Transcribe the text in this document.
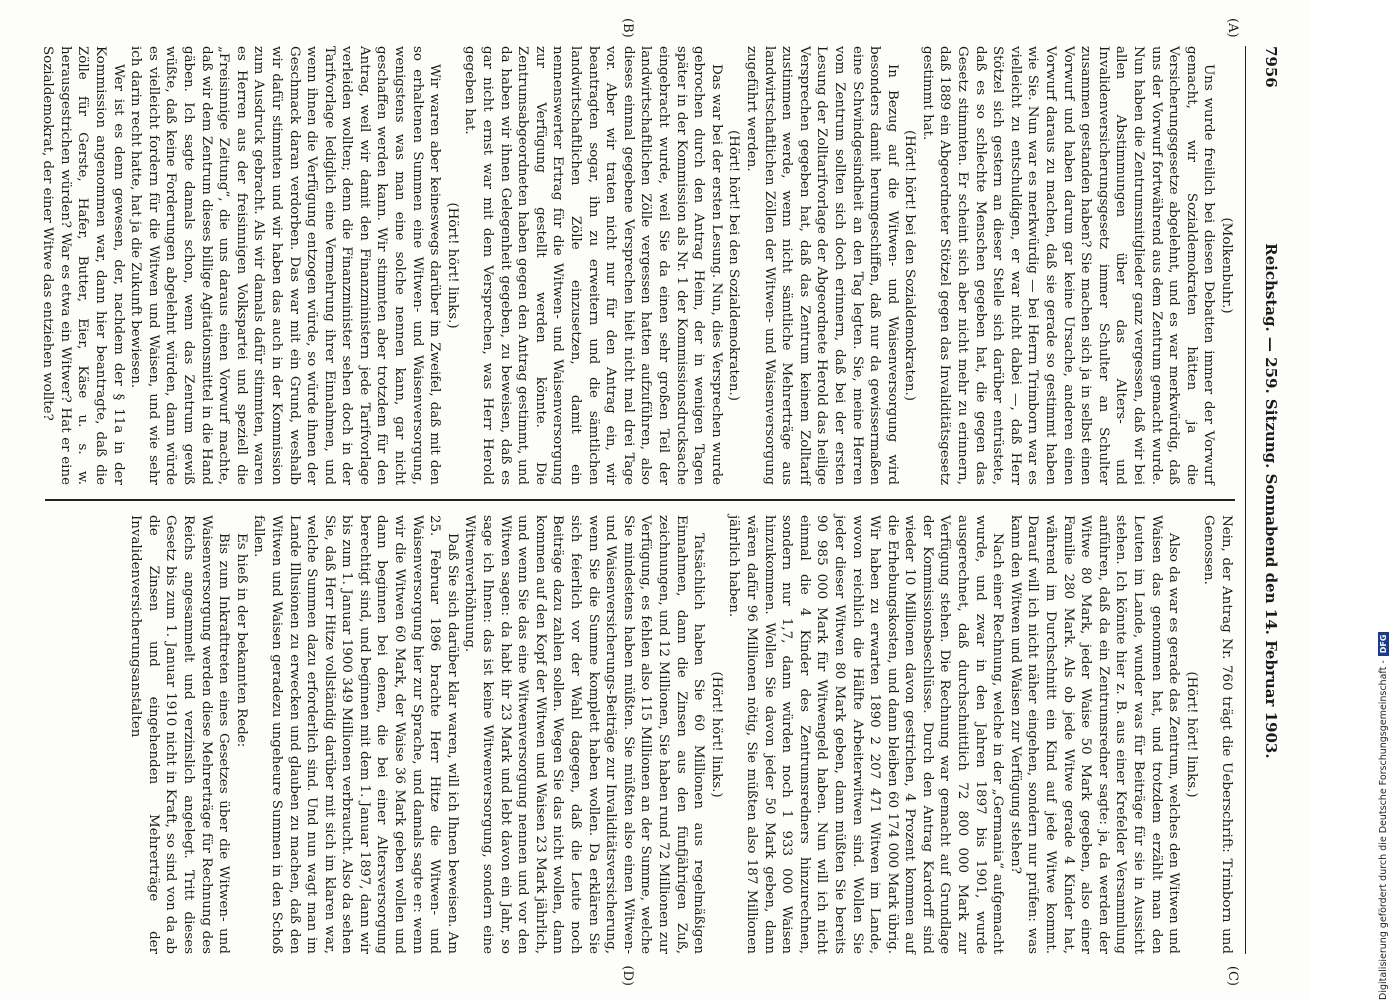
7956
Reichstag. — 259. Sitzung. Sonnabend den 14. Februar 1903.
(A)
(B)
(C)
(D)

(Molkenbuhr.)

Uns wurde freilich bei diesen Debatten immer der Vorwurf gemacht, wir Sozialdemokraten hätten ja die Versicherungsgesetze abgelehnt, und es war merkwürdig, daß uns der Vorwurf fortwährend aus dem Zentrum gemacht wurde. Nun haben die Zentrumsmitglieder ganz vergessen, daß wir bei allen Abstimmungen über das Alters- und Invalidenversicherungsgesetz immer Schulter an Schulter zusammen gestanden haben? Sie machen sich ja in selbst einen Vorwurf und haben darum gar keine Ursache, anderen einen Vorwurf daraus zu machen, daß sie gerade so gestimmt haben wie Sie. Nun war es merkwürdig — bei Herrn Trimborn war es vielleicht zu entschuldigen, er war nicht dabei —, daß Herr Stötzel sich gestern an dieser Stelle sich darüber entrüstete, daß es so schlechte Menschen gegeben hat, die gegen das Gesetz stimmten. Er scheint sich aber nicht mehr zu erinnern, daß 1889 ein Abgeordneter Stötzel gegen das Invaliditätsgesetz gestimmt hat.

(Hört! hört! bei den Sozialdemokraten.)

In Bezug auf die Witwen- und Waisenversorgung wird besonders damit herumgeschiffen, daß nur da gewissermaßen eine Schwindgesindheit an den Tag legten. Sie, meine Herren vom Zentrum sollten sich doch erinnern, daß bei der ersten Lesung der Zolltarifvorlage der Abgeordnete Herold das heilige Versprechen gegeben hat, daß das Zentrum keinem Zolltarif zustimmen werde, wenn nicht sämtliche Mehrerträge aus landwirtschaftlichen Zöllen der Witwen- und Waisenversorgung zugeführt werden.

(Hört! hört! bei den Sozialdemokraten.)

Das war bei der ersten Lesung. Nun, dies Versprechen wurde gebrochen durch den Antrag Heim, der in wenigen Tagen später in der Kommission als Nr. 1 der Kommissionsdrucksache eingebracht wurde, weil Sie da einen sehr großen Teil der landwirtschaftlichen Zölle vergessen hatten aufzuführen, also dieses einmal gegebene Versprechen hielt nicht mal drei Tage vor. Aber wir traten nicht nur für den Antrag ein, wir beantragten sogar, ihn zu erweitern und die sämtlichen landwirtschaftlichen Zölle einzusetzen, damit ein nennenswerter Ertrag für die Witwen- und Waisenversorgung zur Verfügung gestellt werden könnte. Die Zentrumsabgeordneten haben gegen den Antrag gestimmt, und da haben wir ihnen Gelegenheit gegeben, zu beweisen, daß es gar nicht ernst war mit dem Versprechen, was Herr Herold gegeben hat.

(Hört! hört! links.)

Wir waren aber keineswegs darüber im Zweifel, daß mit den so erhaltenen Summen eine Witwen- und Waisenversorgung, wenigstens was man eine solche nennen kann, gar nicht geschaffen werden kann. Wir stimmten aber trotzdem für den Antrag, weil wir damit den Finanzministern jede Tarifvorlage verleiden wollten; denn die Finanzminister sehen doch in der Tarifvorlage lediglich eine Vermehrung ihrer Einnahmen, und wenn ihnen die Verfügung entzogen würde, so würde ihnen der Geschmack daran verdorben. Das war mit ein Grund, weshalb wir dafür stimmten und wir haben das auch in der Kommission zum Ausdruck gebracht. Als wir damals dafür stimmten, waren es Herren aus der freisinnigen Volkspartei und speziell die „Freisinnige Zeitung“, die uns daraus einen Vorwurf machte, daß wir dem Zentrum dieses billige Agitationsmittel in die Hand gäben. Ich sagte damals schon, wenn das Zentrum gewiß wüßte, daß keine Forderungen abgelehnt würden, dann würde es vielleicht fordern für die Witwen und Waisen, und wie sehr ich darin recht hatte, hat ja die Zukunft bewiesen.

Wer ist es denn gewesen, der, nachdem der § 11a in der Kommission angenommen war, dann hier beantragte, daß die Zölle für Gerste, Hafer, Butter, Eier, Käse u. s. w. herausgestrichen würden? War es etwa ein Witwer? Hat er eine Sozialdemokrat, der einer Witwe das entziehen wollte?

Nein, der Antrag Nr. 760 trägt die Ueberschrift: Trimborn und Genossen.

(Hört! hört! links.)

Also da war es gerade das Zentrum, welches den Witwen und Waisen das genommen hat, und trotzdem erzählt man den Leuten im Lande, wunder was für Beiträge für sie in Aussicht stehen. Ich könnte hier z. B. aus einer Krefelder Versammlung anführen, daß da ein Zentrumsredner sagte: ja, da werden der Witwe 80 Mark, jeder Waise 50 Mark gegeben, also einer Familie 280 Mark. Als ob jede Witwe gerade 4 Kinder hat, während im Durchschnitt ein Kind auf jede Witwe kommt. Darauf will ich nicht näher eingehen, sondern nur prüfen: was kann den Witwen und Waisen zur Verfügung stehen?

Nach einer Rechnung, welche in der „Germania“ aufgemacht wurde, und zwar in den Jahren 1897 bis 1901, wurde ausgerechnet, daß durchschnittlich 72 800 000 Mark zur Verfügung stehen. Die Rechnung war gemacht auf Grundlage der Kommissionsbeschlüsse. Durch den Antrag Kardorff sind wieder 10 Millionen davon gestrichen, 4 Prozent kommen auf die Erhebungskosten, und dann bleiben 60 174 000 Mark übrig. Wir haben zu erwarten 1890 2 207 471 Witwen im Lande, wovon reichlich die Hälfte Arbeiterwitwen sind. Wollen Sie jeder dieser Witwen 80 Mark geben, dann müßten Sie bereits 90 985 000 Mark für Witwengeld haben. Nun will ich nicht einmal die 4 Kinder des Zentrumsredners hinzurechnen, sondern nur 1,7, dann würden noch 1 933 000 Waisen hinzukommen. Wollen Sie davon jeder 50 Mark geben, dann wären dafür 96 Millionen nötig, Sie müßten also 187 Millionen jährlich haben.

(Hört! hört! links.)

Tatsächlich haben Sie 60 Millionen aus regelmäßigen Einnahmen, dann die Zinsen aus den fünfjährigen Zuß, zeichnungen, und 12 Millionen, Sie haben rund 72 Millionen zur Verfügung, es fehlen also 115 Millionen an der Summe, welche Sie mindestens haben müßten. Sie müßten also einen Witwen- und Waisenversicherungs-Beiträge zur Invaliditätsversicherung, wenn Sie die Summe komplett haben wollen. Da erklären Sie sich feierlich vor der Wahl dagegen, daß die Leute noch Beiträge dazu zahlen sollen. Wegen Sie das nicht wollen, dann kommen auf den Kopf der Witwen und Waisen 23 Mark jährlich, und wenn Sie das eine Witwenversorgung nennen und vor den Witwen sagen: da habt ihr 23 Mark und lebt davon ein Jahr, so sage ich Ihnen: das ist keine Witwenversorgung, sondern eine Witwenverhöhnung.

Daß Sie sich darüber klar waren, will ich Ihnen beweisen. Am 25. Februar 1896 brachte Herr Hitze die Witwen- und Waisenversorgung hier zur Sprache, und damals sagte er: wenn wir die Witwen 60 Mark, der Waise 36 Mark geben wollen und dann beginnen bei denen, die bei einer Altersversorgung berechtigt sind, und beginnen mit dem 1. Januar 1897, dann wir bis zum 1. Januar 1900 349 Millionen verbraucht. Also da sehen Sie, daß Herr Hitze vollständig darüber mit sich im klaren war, welche Summen dazu erforderlich sind. Und nun wagt man im Lande Illusionen zu erwecken und glauben zu machen, daß den Witwen und Waisen geradezu ungeheure Summen in den Schoß fallen.

Es hieß in der bekannten Rede:

Bis zum Inkrafttreten eines Gesetzes über die Witwen- und Waisenversorgung werden diese Mehrerträge für Rechnung des Reichs angesammelt und verzinslich angelegt. Tritt dieses Gesetz bis zum 1. Januar 1910 nicht in Kraft, so sind von da ab die Zinsen und eingehenden Mehrerträge der Invalidenversicherungsanstalten

Digitalisierung gefördert durch die Deutsche Forschungsgemeinschaft -
DFG
